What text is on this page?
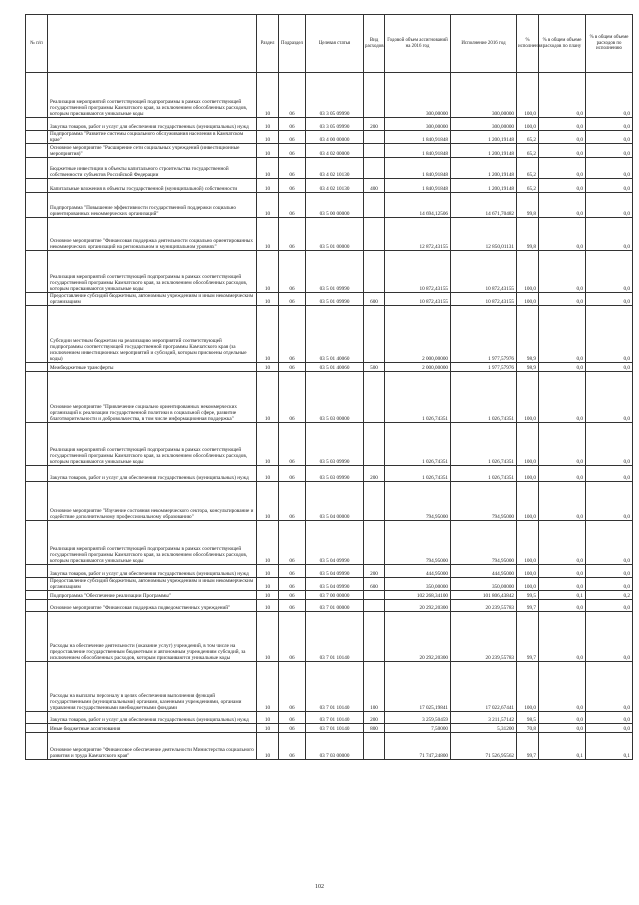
№ п/п		Раздел	Подраздел	Целевая статья	Вид расходов	Годовой объем ассигнований на 2016 год	Исполнение 2016 год	% исполнения	% в общем объеме расходов по плану	% в общем объеме расходов по исполнению
	Реализация мероприятий соответствующей подпрограммы в рамках соответствующей государственной программы Камчатского края, за исключением обособленных расходов, которым присваиваются уникальные коды	10	06	03 3 05 09990		300,00000	300,00000	100,0	0,0	0,0
	Закупка товаров, работ и услуг для обеспечения государственных (муниципальных) нужд	10	06	03 3 05 09990	200	300,00000	300,00000	100,0	0,0	0,0
	Подпрограмма "Развитие системы социального обслуживания населения в Камчатском крае"	10	06	03 4 00 00000		1 840,91848	1 200,19148	65,2	0,0	0,0
	Основное мероприятие "Расширение сети социальных учреждений (инвестиционные мероприятия)"	10	06	03 4 02 00000		1 840,91848	1 200,19148	65,2	0,0	0,0
	Бюджетные инвестиции в объекты капитального строительства государственной собственности субъектов Российской Федерации	10	06	03 4 02 10130		1 840,91848	1 200,19148	65,2	0,0	0,0
	Капитальные вложения в объекты государственной (муниципальной) собственности	10	06	03 4 02 10130	400	1 840,91848	1 200,19148	65,2	0,0	0,0
	Подпрограмма "Повышение эффективности государственной поддержки социально ориентированных некоммерческих организаций"	10	06	03 5 00 00000		14 694,12506	14 671,70482	99,8	0,0	0,0
	Основное мероприятие "Финансовая поддержка деятельности социально ориентированных некоммерческих организаций на региональном и муниципальном уровнях"	10	06	03 5 01 00000		12 872,43155	12 850,01131	99,8	0,0	0,0
	Реализация мероприятий соответствующей подпрограммы в рамках соответствующей государственной программы Камчатского края, за исключением обособленных расходов, которым присваиваются уникальные коды	10	06	03 5 01 09990		10 872,43155	10 872,43155	100,0	0,0	0,0
	Предоставление субсидий бюджетным, автономным учреждениям и иным некоммерческим организациям	10	06	03 5 01 09990	600	10 872,43155	10 872,43155	100,0	0,0	0,0
	Субсидии местным бюджетам на реализацию мероприятий соответствующей подпрограммы соответствующей государственной программы Камчатского края (за исключением инвестиционных мероприятий и субсидий, которым присвоены отдельные коды)	10	06	03 5 01 40060		2 000,00000	1 977,57976	98,9	0,0	0,0
	Межбюджетные трансферты	10	06	03 5 01 40060	500	2 000,00000	1 977,57976	98,9	0,0	0,0
	Основное мероприятие "Привлечение социально ориентированных некоммерческих организаций к реализации государственной политики в социальной сфере, развитие благотворительности и добровольчества, в том числе информационная поддержка"	10	06	03 5 03 00000		1 026,74351	1 026,74351	100,0	0,0	0,0
	Реализация мероприятий соответствующей подпрограммы в рамках соответствующей государственной программы Камчатского края, за исключением обособленных расходов, которым присваиваются уникальные коды	10	06	03 5 03 09990		1 026,74351	1 026,74351	100,0	0,0	0,0
	Закупка товаров, работ и услуг для обеспечения государственных (муниципальных) нужд	10	06	03 5 03 09990	200	1 026,74351	1 026,74351	100,0	0,0	0,0
	Основное мероприятие "Изучение состояния некоммерческого сектора, консультирование и содействие дополнительному профессиональному образованию"	10	06	03 5 04 00000		794,95000	794,95000	100,0	0,0	0,0
	Реализация мероприятий соответствующей подпрограммы в рамках соответствующей государственной программы Камчатского края, за исключением обособленных расходов, которым присваиваются уникальные коды	10	06	03 5 04 09990		794,95000	794,95000	100,0	0,0	0,0
	Закупка товаров, работ и услуг для обеспечения государственных (муниципальных) нужд	10	06	03 5 04 09990	200	444,95000	444,95000	100,0	0,0	0,0
	Предоставление субсидий бюджетным, автономным учреждениям и иным некоммерческим организациям	10	06	03 5 04 09990	600	350,00000	350,00000	100,0	0,0	0,0
	Подпрограмма "Обеспечение реализации Программы"	10	06	03 7 00 00000		102 268,34100	101 806,43842	99,5	0,1	0,2
	Основное мероприятие "Финансовая поддержка подведомственных учреждений"	10	06	03 7 01 00000		20 292,20300	20 239,55783	99,7	0,0	0,0
	Расходы на обеспечение деятельности (оказание услуг) учреждений, в том числе на предоставление государственным бюджетным и автономным учреждениям субсидий, за исключением обособленных расходов, которым присваиваются уникальные коды	10	06	03 7 01 10140		20 292,20300	20 239,55783	99,7	0,0	0,0
	Расходы на выплаты персоналу в целях обеспечения выполнения функций государственными (муниципальными) органами, казенными учреждениями, органами управления государственными внебюджетными фондами	10	06	03 7 01 10140	100	17 025,19841	17 022,67441	100,0	0,0	0,0
	Закупка товаров, работ и услуг для обеспечения государственных (муниципальных) нужд	10	06	03 7 01 10140	200	3 259,50459	3 211,57142	98,5	0,0	0,0
	Иные бюджетные ассигнования	10	06	03 7 01 10140	800	7,50000	5,31200	70,8	0,0	0,0
	Основное мероприятие "Финансовое обеспечение деятельности Министерства социального развития и труда Камчатского края"	10	06	03 7 03 00000		71 747,24800	71 526,95562	99,7	0,1	0,1
102
